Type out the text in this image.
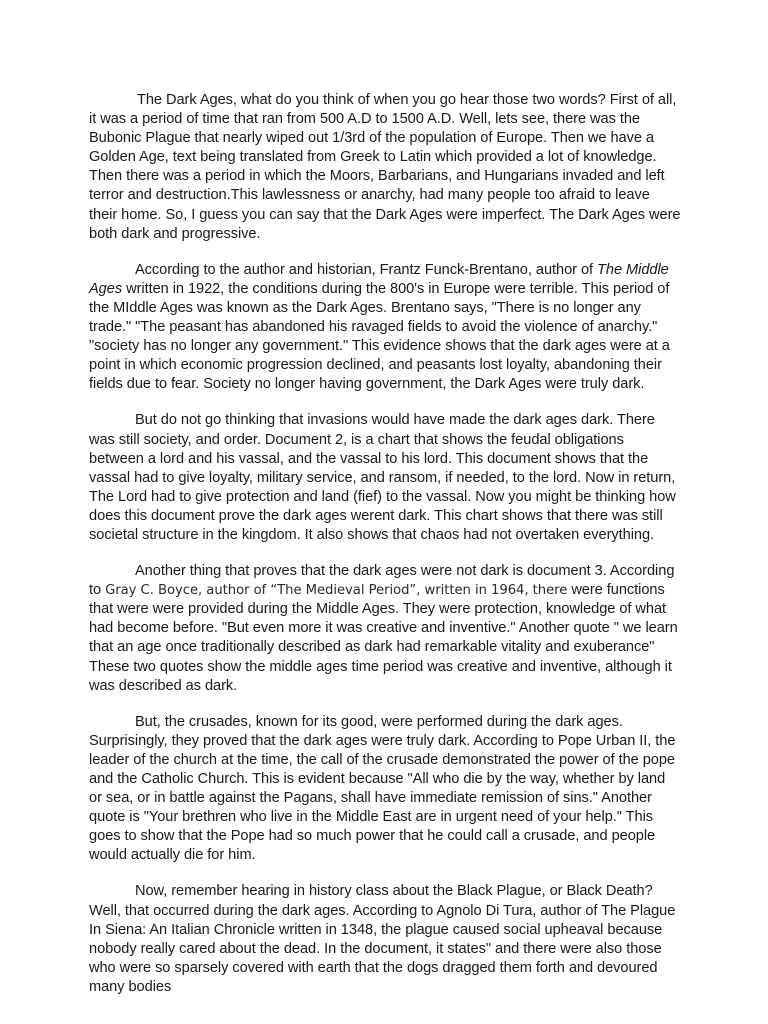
The Dark Ages, what do you think of when you go hear those two words? First of all, it was a period of time that ran from 500 A.D to 1500 A.D. Well, lets see, there was the Bubonic Plague that nearly wiped out 1/3rd of the population of Europe. Then we have a Golden Age, text being translated from Greek to Latin which provided a lot of knowledge. Then there was a period in which the Moors, Barbarians, and Hungarians invaded and left terror and destruction.This lawlessness or anarchy, had many people too afraid to leave their home. So, I guess you can say that the Dark Ages were imperfect. The Dark Ages were both dark and progressive.

According to the author and historian, Frantz Funck-Brentano, author of The Middle Ages written in 1922, the conditions during the 800's in Europe were terrible. This period of the MIddle Ages was known as the Dark Ages. Brentano says, "There is no longer any trade." "The peasant has abandoned his ravaged fields to avoid the violence of anarchy." "society has no longer any government." This evidence shows that the dark ages were at a point in which economic progression declined, and peasants lost loyalty, abandoning their fields due to fear. Society no longer having government, the Dark Ages were truly dark.

But do not go thinking that invasions would have made the dark ages dark. There was still society, and order. Document 2, is a chart that shows the feudal obligations between a lord and his vassal, and the vassal to his lord. This document shows that the vassal had to give loyalty, military service, and ransom, if needed, to the lord. Now in return, The Lord had to give protection and land (fief) to the vassal. Now you might be thinking how does this document prove the dark ages werent dark. This chart shows that there was still societal structure in the kingdom. It also shows that chaos had not overtaken everything.

Another thing that proves that the dark ages were not dark is document 3. According to Gray C. Boyce, author of “The Medieval Period”, written in 1964, there were functions that were were provided during the Middle Ages. They were protection, knowledge of what had become before. "But even more it was creative and inventive." Another quote " we learn that an age once traditionally described as dark had remarkable vitality and exuberance" These two quotes show the middle ages time period was creative and inventive, although it was described as dark.

But, the crusades, known for its good, were performed during the dark ages. Surprisingly, they proved that the dark ages were truly dark. According to Pope Urban II, the leader of the church at the time, the call of the crusade demonstrated the power of the pope and the Catholic Church. This is evident because "All who die by the way, whether by land or sea, or in battle against the Pagans, shall have immediate remission of sins." Another quote is "Your brethren who live in the Middle East are in urgent need of your help." This goes to show that the Pope had so much power that he could call a crusade, and people would actually die for him.

Now, remember hearing in history class about the Black Plague, or Black Death? Well, that occurred during the dark ages. According to Agnolo Di Tura, author of The Plague In Siena: An Italian Chronicle written in 1348, the plague caused social upheaval because nobody really cared about the dead. In the document, it states" and there were also those who were so sparsely covered with earth that the dogs dragged them forth and devoured many bodies
